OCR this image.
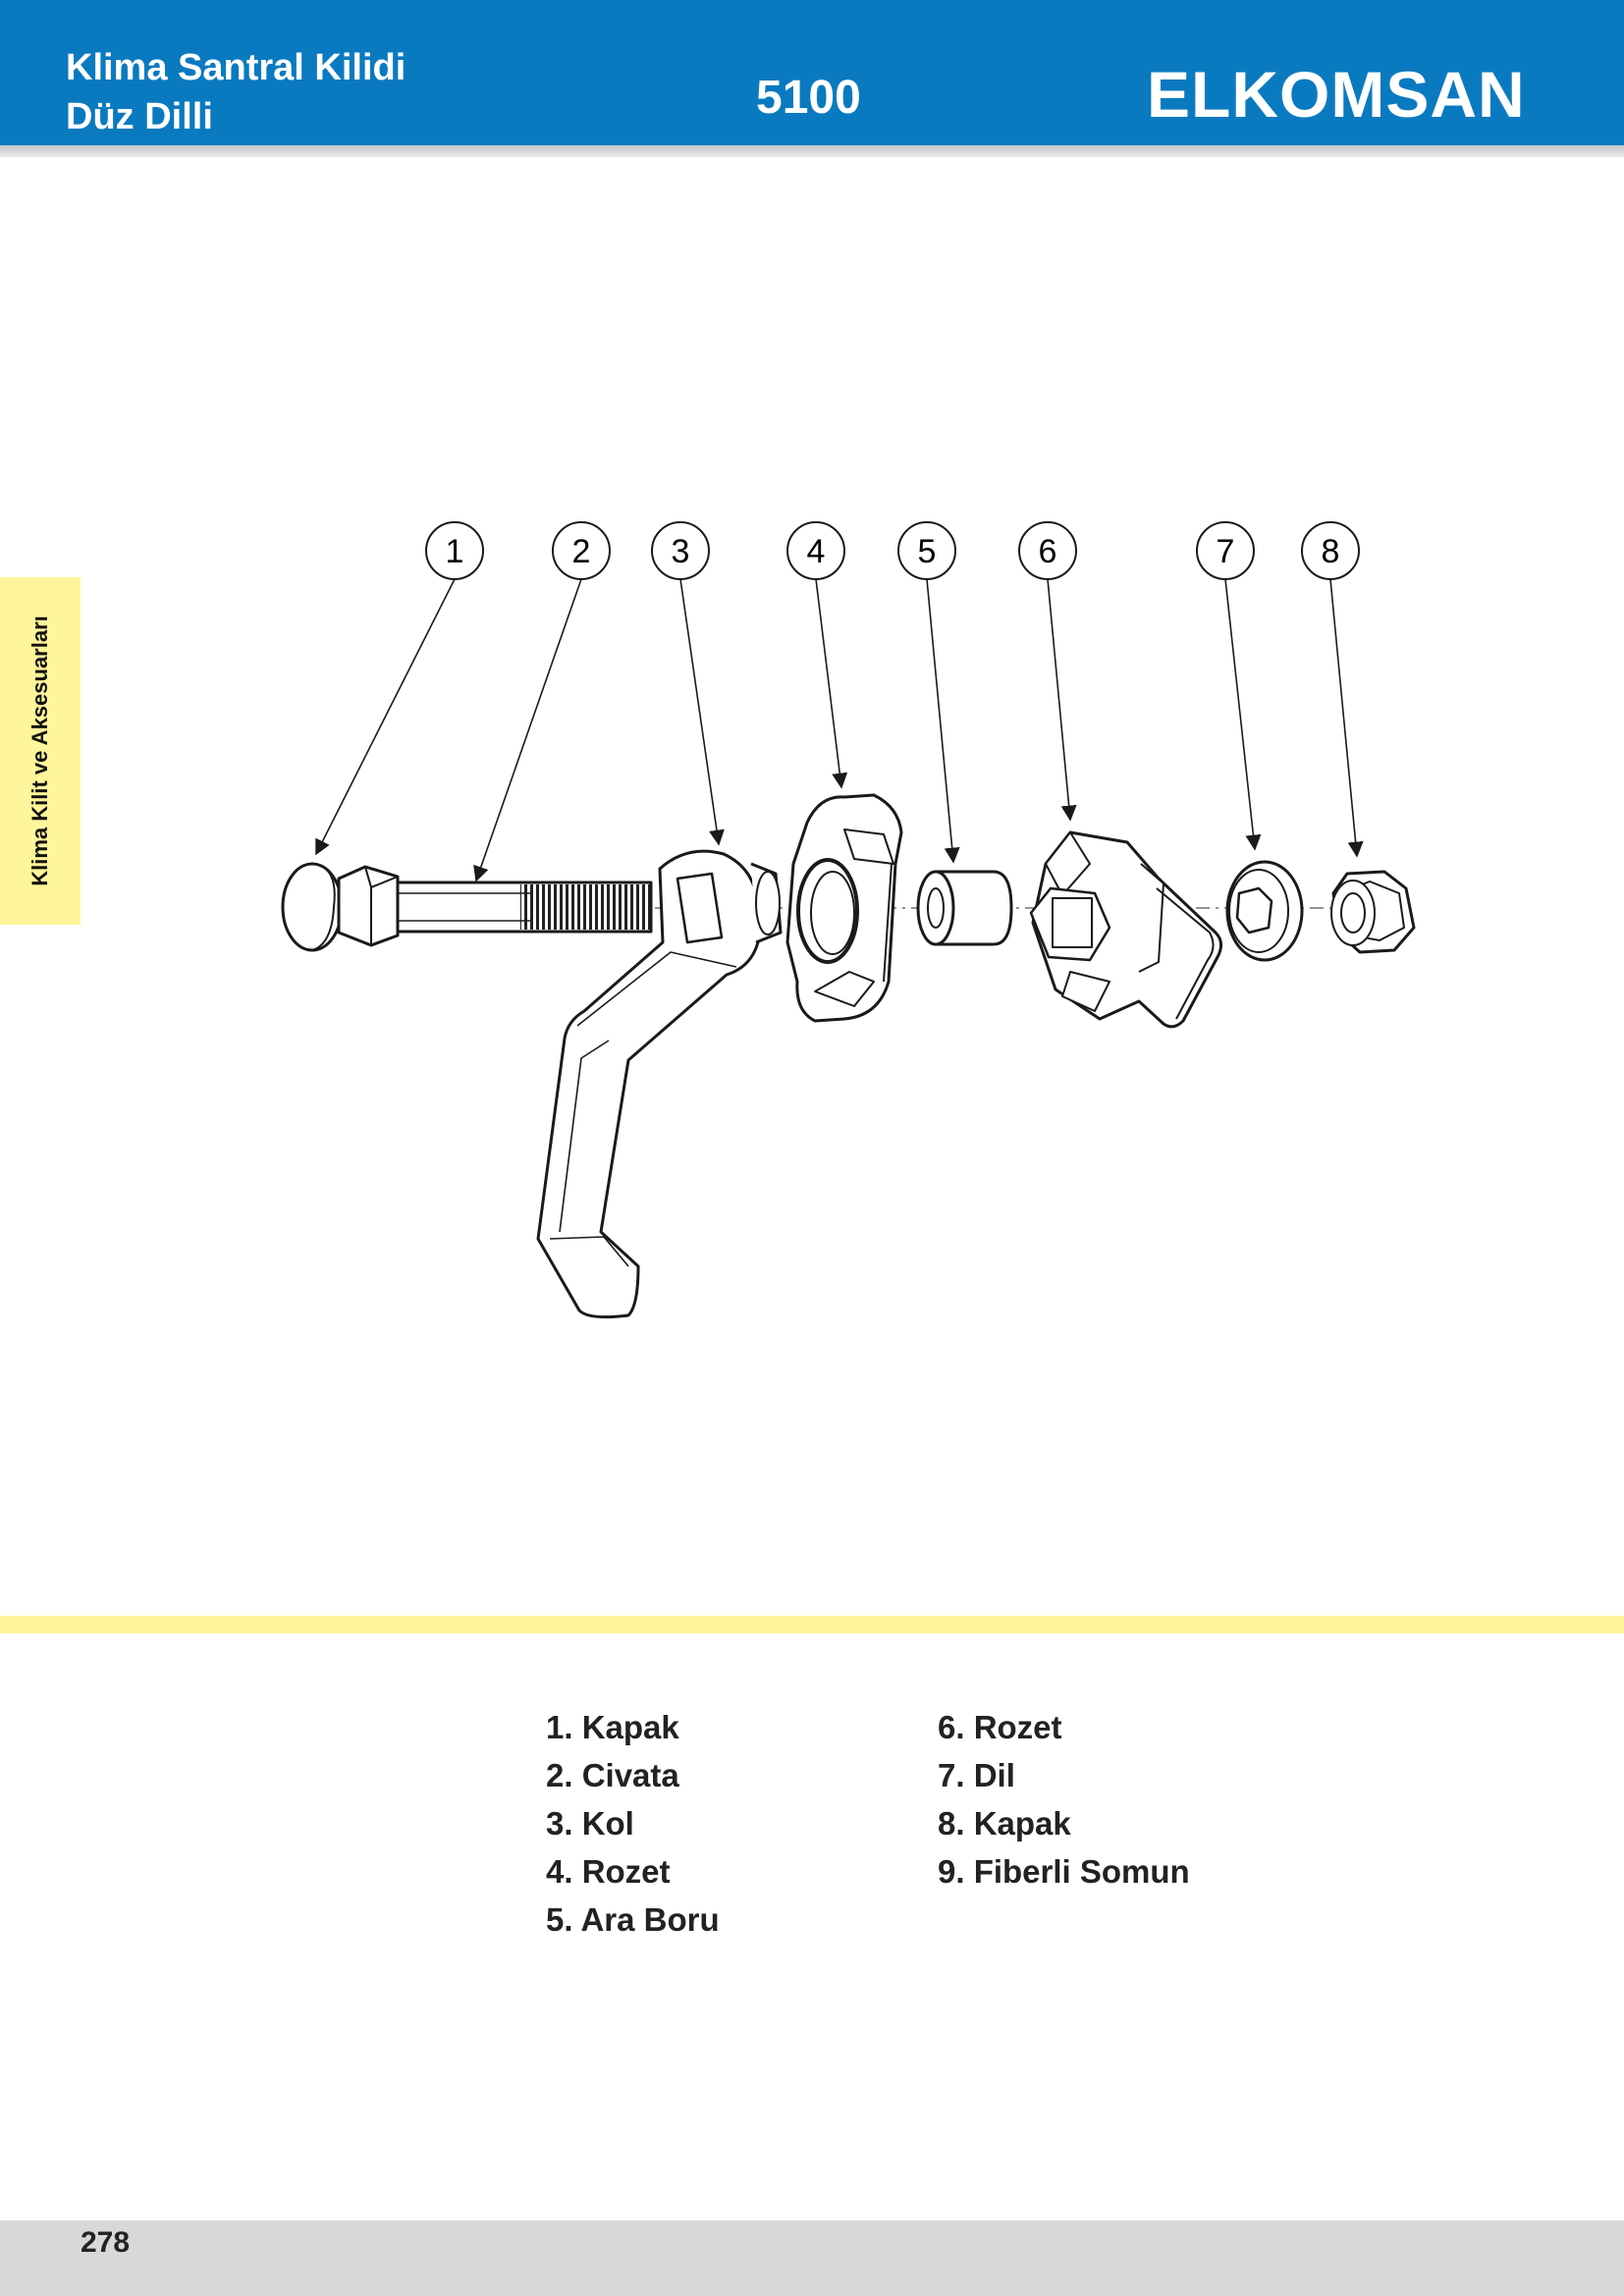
Klima Santral Kilidi
Düz Dilli	5100	ELKOMSAN
Klima Kilit ve Aksesuarları
1	2 3	4	5	6	7	8
1. Kapak
2. Civata
3. Kol
4. Rozet
5. Ara Boru
6. Rozet
7. Dil
8. Kapak
9. Fiberli Somun
278
